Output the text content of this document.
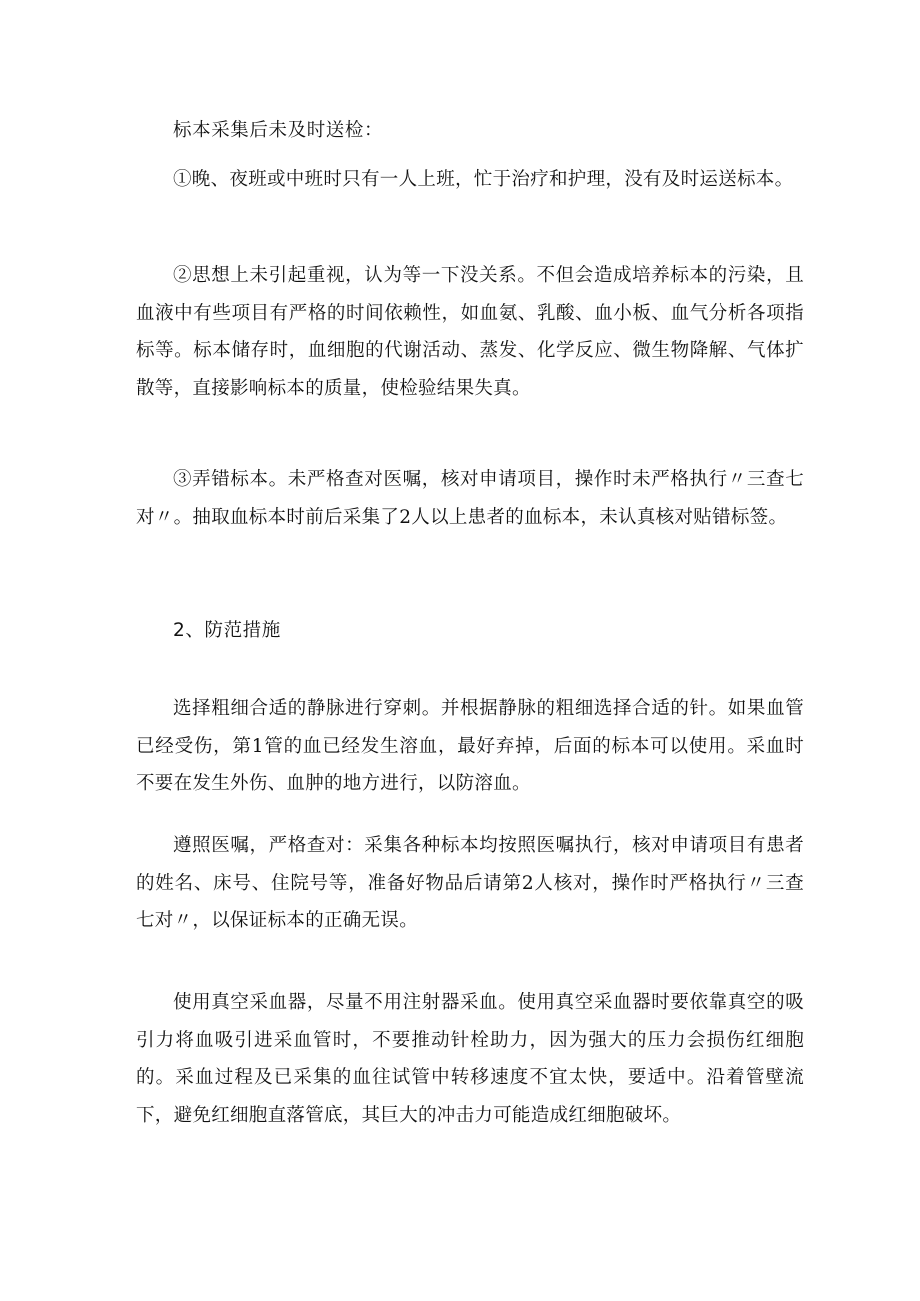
标本采集后未及时送检：

①晚、夜班或中班时只有一人上班，忙于治疗和护理，没有及时运送标本。

②思想上未引起重视，认为等一下没关系。不但会造成培养标本的污染，且血液中有些项目有严格的时间依赖性，如血氨、乳酸、血小板、血气分析各项指标等。标本储存时，血细胞的代谢活动、蒸发、化学反应、微生物降解、气体扩散等，直接影响标本的质量，使检验结果失真。

③弄错标本。未严格查对医嘱，核对申请项目，操作时未严格执行〃三查七对〃。抽取血标本时前后采集了2人以上患者的血标本，未认真核对贴错标签。

2、防范措施

选择粗细合适的静脉进行穿刺。并根据静脉的粗细选择合适的针。如果血管已经受伤，第1管的血已经发生溶血，最好弃掉，后面的标本可以使用。采血时不要在发生外伤、血肿的地方进行，以防溶血。

遵照医嘱，严格查对：采集各种标本均按照医嘱执行，核对申请项目有患者的姓名、床号、住院号等，准备好物品后请第2人核对，操作时严格执行〃三查七对〃，以保证标本的正确无误。

使用真空采血器，尽量不用注射器采血。使用真空采血器时要依靠真空的吸引力将血吸引进采血管时，不要推动针栓助力，因为强大的压力会损伤红细胞的。采血过程及已采集的血往试管中转移速度不宜太快，要适中。沿着管壁流下，避免红细胞直落管底，其巨大的冲击力可能造成红细胞破坏。
